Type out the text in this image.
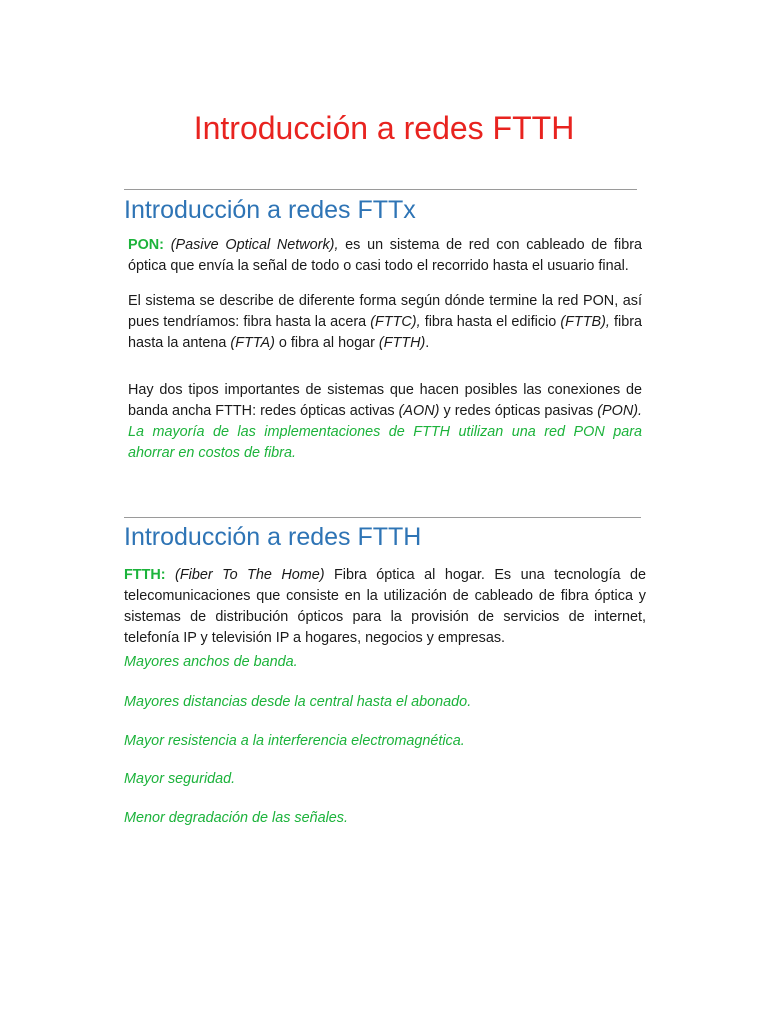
Introducción a redes FTTH
Introducción a redes FTTx

PON: (Pasive Optical Network), es un sistema de red con cableado de fibra óptica que envía la señal de todo o casi todo el recorrido hasta el usuario final.

El sistema se describe de diferente forma según dónde termine la red PON, así pues tendríamos: fibra hasta la acera (FTTC), fibra hasta el edificio (FTTB), fibra hasta la antena (FTTA) o fibra al hogar (FTTH).

Hay dos tipos importantes de sistemas que hacen posibles las conexiones de banda ancha FTTH: redes ópticas activas (AON) y redes ópticas pasivas (PON). La mayoría de las implementaciones de FTTH utilizan una red PON para ahorrar en costos de fibra.

Introducción a redes FTTH

FTTH: (Fiber To The Home) Fibra óptica al hogar. Es una tecnología de telecomunicaciones que consiste en la utilización de cableado de fibra óptica y sistemas de distribución ópticos para la provisión de servicios de internet, telefonía IP y televisión IP a hogares, negocios y empresas.

Mayores anchos de banda.

Mayores distancias desde la central hasta el abonado.

Mayor resistencia a la interferencia electromagnética.

Mayor seguridad.

Menor degradación de las señales.
